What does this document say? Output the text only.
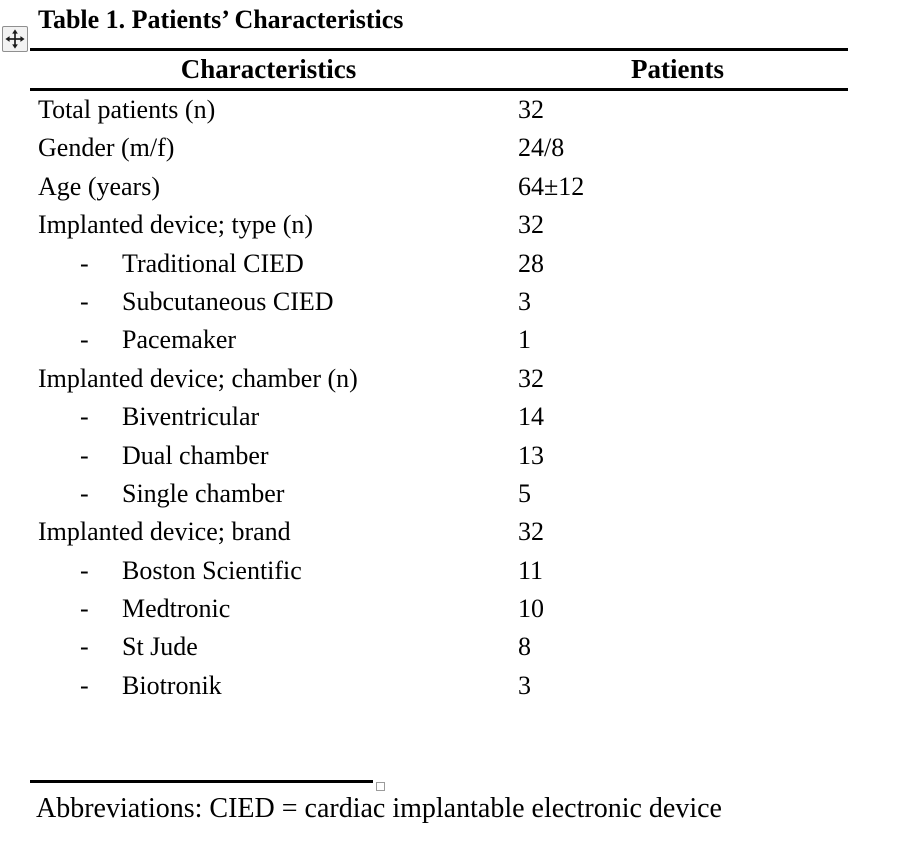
Table 1. Patients’ Characteristics
Characteristics	Patients
Total patients (n)	32
Gender (m/f)	24/8
Age (years)	64±12
Implanted device; type (n)	32
- Traditional CIED	28
- Subcutaneous CIED	3
- Pacemaker	1
Implanted device; chamber (n)	32
- Biventricular	14
- Dual chamber	13
- Single chamber	5
Implanted device; brand	32
- Boston Scientific	11
- Medtronic	10
- St Jude	8
- Biotronik	3
Abbreviations: CIED = cardiac implantable electronic device
